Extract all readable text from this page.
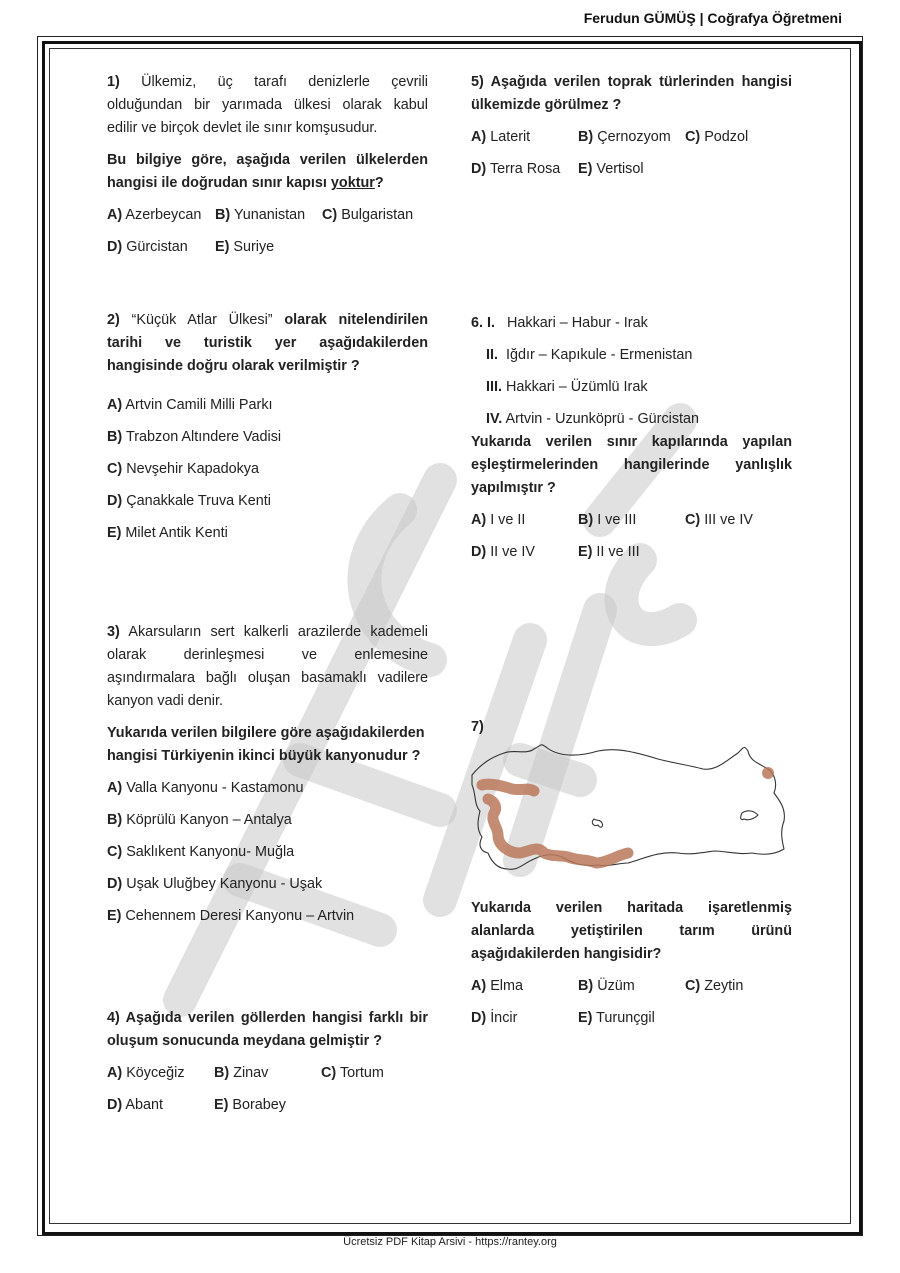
Ferudun GÜMÜŞ | Coğrafya Öğretmeni

1) Ülkemiz, üç tarafı denizlerle çevrili

olduğundan bir yarımada ülkesi olarak kabul

edilir ve birçok devlet ile sınır komşusudur.

Bu bilgiye göre, aşağıda verilen ülkelerden

hangisi ile doğrudan sınır kapısı yoktur?

A) Azerbeycan B) Yunanistan C) Bulgaristan
D) Gürcistan E) Suriye

2) “Küçük Atlar Ülkesi” olarak nitelendirilen

tarihi ve turistik yer aşağıdakilerden

hangisinde doğru olarak verilmiştir ?

A) Artvin Camili Milli Parkı

B) Trabzon Altındere Vadisi

C) Nevşehir Kapadokya

D) Çanakkale Truva Kenti

E) Milet Antik Kenti

3) Akarsuların sert kalkerli arazilerde kademeli

olarak derinleşmesi ve enlemesine

aşındırmalara bağlı oluşan basamaklı vadilere

kanyon vadi denir.

Yukarıda verilen bilgilere göre aşağıdakilerden

hangisi Türkiyenin ikinci büyük kanyonudur ?

A) Valla Kanyonu - Kastamonu

B) Köprülü Kanyon – Antalya

C) Saklıkent Kanyonu- Muğla

D) Uşak Uluğbey Kanyonu - Uşak

E) Cehennem Deresi Kanyonu – Artvin

4) Aşağıda verilen göllerden hangisi farklı bir

oluşum sonucunda meydana gelmiştir ?

A) Köyceğiz B) Zinav	C) Tortum
D) Abant	E) Borabey

5) Aşağıda verilen toprak türlerinden hangisi

ülkemizde görülmez ?

A) Laterit	B) Çernozyom C) Podzol
D) Terra Rosa E) Vertisol

6. I. Hakkari – Habur - Irak

II. Iğdır – Kapıkule - Ermenistan

III. Hakkari – Üzümlü Irak

IV. Artvin - Uzunköprü - Gürcistan

Yukarıda verilen sınır kapılarında yapılan

eşleştirmelerinden hangilerinde yanlışlık

yapılmıştır ?

A) I ve II	B) I ve III	C) III ve IV
D) II ve IV	E) II ve III

7)

Yukarıda verilen haritada işaretlenmiş

alanlarda yetiştirilen tarım ürünü

aşağıdakilerden hangisidir?

A) Elma	B) Üzüm	C) Zeytin
D) İncir	E) Turunçgil
Ücretsiz PDF Kitap Arsivi - https://rantey.org
